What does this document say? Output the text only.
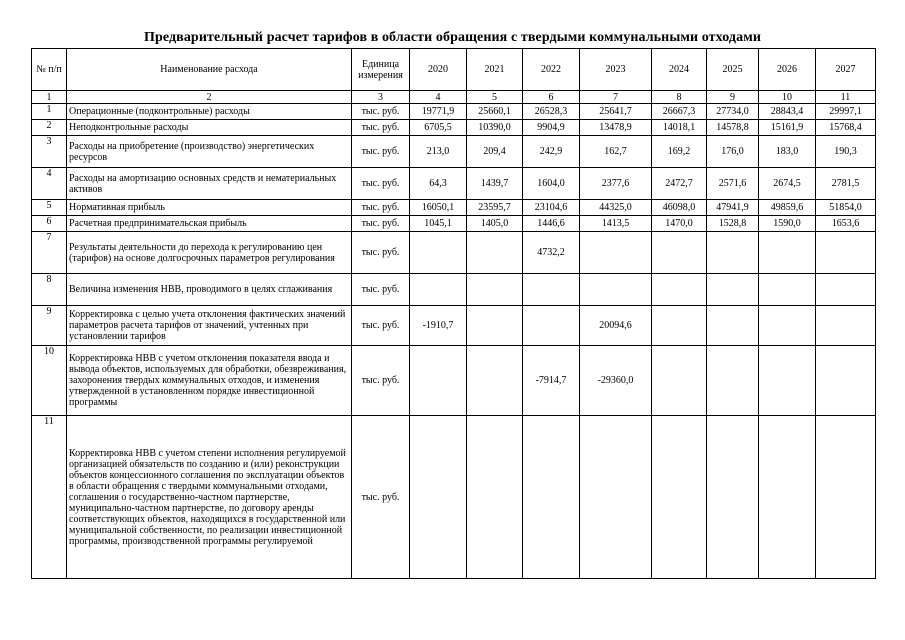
Предварительный расчет тарифов в области обращения с твердыми коммунальными отходами
№ п/п	Наименование расхода	Единица измерения	2020	2021	2022	2023	2024	2025	2026	2027
1	2	3	4	5	6	7	8	9	10	11
1	Операционные (подконтрольные) расходы	тыс. руб.	19771,9	25660,1	26528,3	25641,7	26667,3	27734,0	28843,4	29997,1
2	Неподконтрольные расходы	тыс. руб.	6705,5	10390,0	9904,9	13478,9	14018,1	14578,8	15161,9	15768,4
3	Расходы на приобретение (производство) энергетических ресурсов	тыс. руб.	213,0	209,4	242,9	162,7	169,2	176,0	183,0	190,3
4	Расходы на амортизацию основных средств и нематериальных активов	тыс. руб.	64,3	1439,7	1604,0	2377,6	2472,7	2571,6	2674,5	2781,5
5	Нормативная прибыль	тыс. руб.	16050,1	23595,7	23104,6	44325,0	46098,0	47941,9	49859,6	51854,0
6	Расчетная предпринимательская прибыль	тыс. руб.	1045,1	1405,0	1446,6	1413,5	1470,0	1528,8	1590,0	1653,6
7	Результаты деятельности до перехода к регулированию цен (тарифов) на основе долгосрочных параметров регулирования	тыс. руб.			4732,2					
8	Величина изменения НВВ, проводимого в целях сглаживания	тыс. руб.								
9	Корректировка с целью учета отклонения фактических значений параметров расчета тарифов от значений, учтенных при установлении тарифов	тыс. руб.	-1910,7			20094,6				
10	Корректировка НВВ с учетом отклонения показателя ввода и вывода объектов, используемых для обработки, обезвреживания, захоронения твердых коммунальных отходов, и изменения утвержденной в установленном порядке инвестиционной программы	тыс. руб.			-7914,7	-29360,0				
11	Корректировка НВВ с учетом степени исполнения регулируемой организацией обязательств по созданию и (или) реконструкции объектов концессионного соглашения по эксплуатации объектов в области обращения с твердыми коммунальными отходами, соглашения о государственно-частном партнерстве, муниципально-частном партнерстве, по договору аренды соответствующих объектов, находящихся в государственной или муниципальной собственности, по реализации инвестиционной программы, производственной программы регулируемой	тыс. руб.								
